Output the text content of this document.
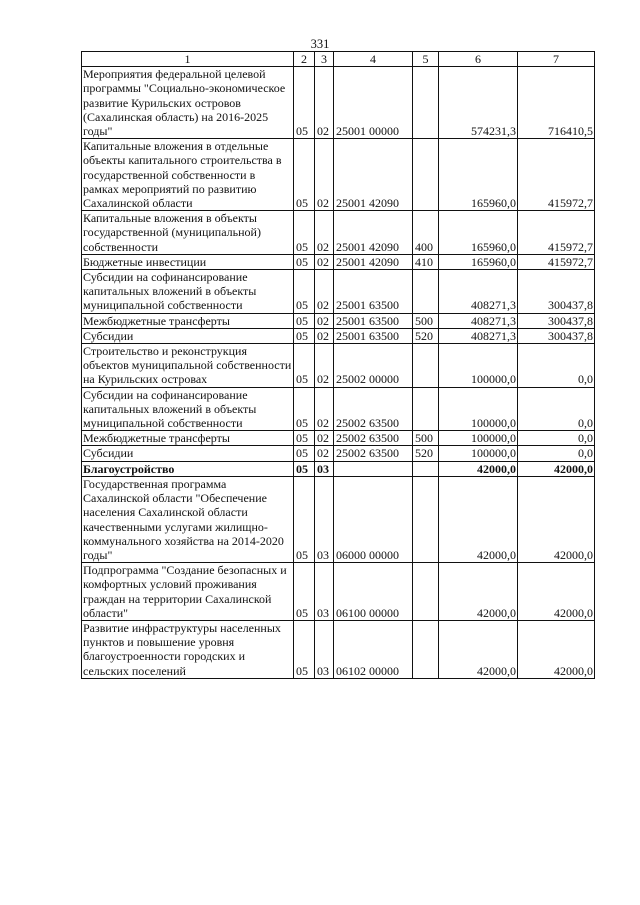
331
1	2	3	4	5	6	7
Мероприятия федеральной целевой программы "Социально-экономическое развитие Курильских островов (Сахалинская область) на 2016-2025 годы"	05	02	25001 00000		574231,3	716410,5
Капитальные вложения в отдельные объекты капитального строительства в государственной собственности в рамках мероприятий по развитию Сахалинской области	05	02	25001 42090		165960,0	415972,7
Капитальные вложения в объекты государственной (муниципальной) собственности	05	02	25001 42090	400	165960,0	415972,7
Бюджетные инвестиции	05	02	25001 42090	410	165960,0	415972,7
Субсидии на софинансирование капитальных вложений в объекты муниципальной собственности	05	02	25001 63500		408271,3	300437,8
Межбюджетные трансферты	05	02	25001 63500	500	408271,3	300437,8
Субсидии	05	02	25001 63500	520	408271,3	300437,8
Строительство и реконструкция объектов муниципальной собственности на Курильских островах	05	02	25002 00000		100000,0	0,0
Субсидии на софинансирование капитальных вложений в объекты муниципальной собственности	05	02	25002 63500		100000,0	0,0
Межбюджетные трансферты	05	02	25002 63500	500	100000,0	0,0
Субсидии	05	02	25002 63500	520	100000,0	0,0
Благоустройство	05	03			42000,0	42000,0
Государственная программа Сахалинской области "Обеспечение населения Сахалинской области качественными услугами жилищно-коммунального хозяйства на 2014-2020 годы"	05	03	06000 00000		42000,0	42000,0
Подпрограмма "Создание безопасных и комфортных условий проживания граждан на территории Сахалинской области"	05	03	06100 00000		42000,0	42000,0
Развитие инфраструктуры населенных пунктов и повышение уровня благоустроенности городских и сельских поселений	05	03	06102 00000		42000,0	42000,0
